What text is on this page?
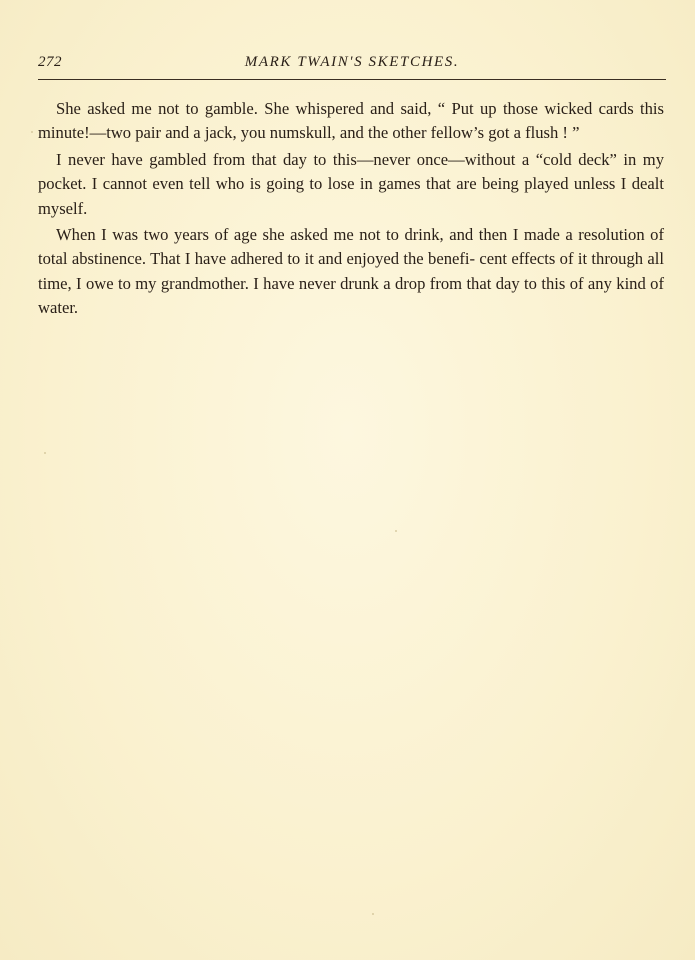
272	MARK TWAIN'S SKETCHES.

She asked me not to gamble. She whispered and said, “ Put up those wicked cards this minute!—two pair and a jack, you numskull, and the other fellow’s got a flush ! ”

I never have gambled from that day to this—never once—without a “cold deck” in my pocket. I cannot even tell who is going to lose in games that are being played unless I dealt myself.

When I was two years of age she asked me not to drink, and then I made a resolution of total abstinence. That I have adhered to it and enjoyed the benefi- cent effects of it through all time, I owe to my grandmother. I have never drunk a drop from that day to this of any kind of water.
